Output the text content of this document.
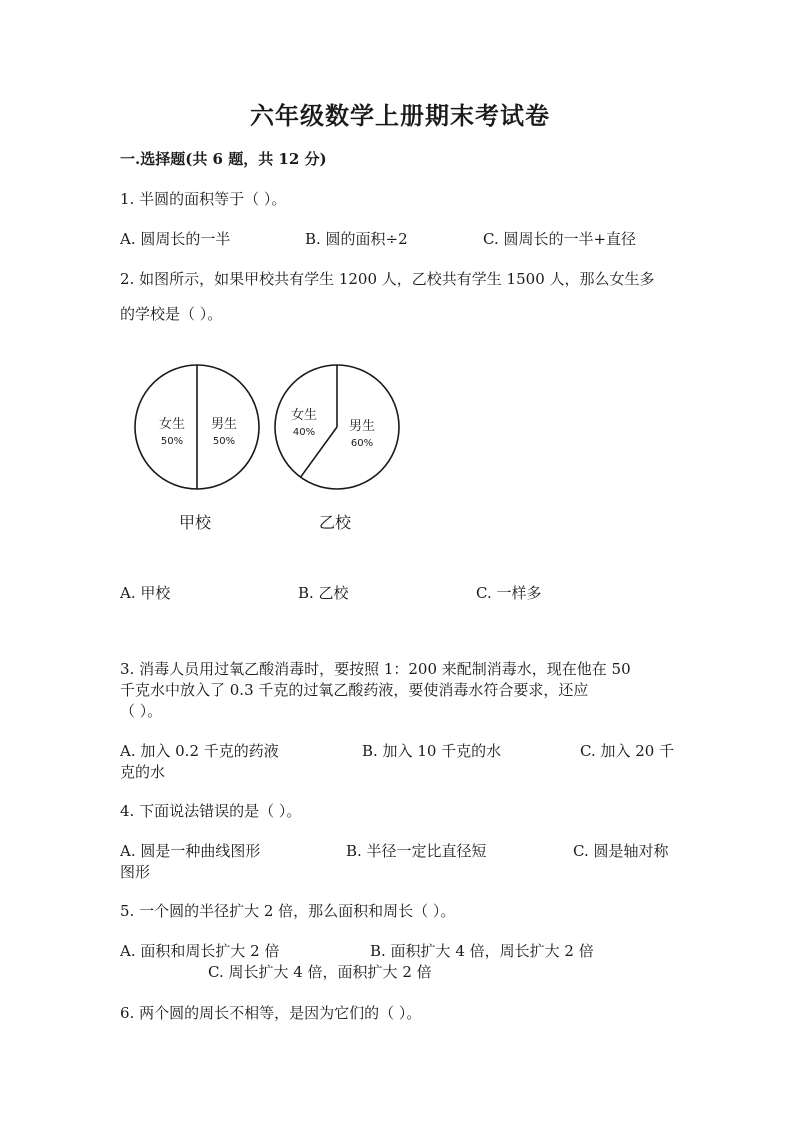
六年级数学上册期末考试卷
一.选择题(共 6 题，共 12 分)
1. 半圆的面积等于（ ）。
A. 圆周长的一半	B. 圆的面积÷2	C. 圆周长的一半+直径
2. 如图所示，如果甲校共有学生 1200 人，乙校共有学生 1500 人，那么女生多
的学校是（ ）。
女生
50%
男生
50%
女生
40%	男生
60%
甲校	乙校
A. 甲校	B. 乙校	C. 一样多
3. 消毒人员用过氧乙酸消毒时，要按照 1：200 来配制消毒水，现在他在 50
千克水中放入了 0.3 千克的过氧乙酸药液，要使消毒水符合要求，还应
（ ）。
A. 加入 0.2 千克的药液	B. 加入 10 千克的水	C. 加入 20 千
克的水
4. 下面说法错误的是（ ）。
A. 圆是一种曲线图形	B. 半径一定比直径短	C. 圆是轴对称
图形
5. 一个圆的半径扩大 2 倍，那么面积和周长（ ）。
A. 面积和周长扩大 2 倍	B. 面积扩大 4 倍，周长扩大 2 倍
C. 周长扩大 4 倍，面积扩大 2 倍
6. 两个圆的周长不相等，是因为它们的（ ）。
